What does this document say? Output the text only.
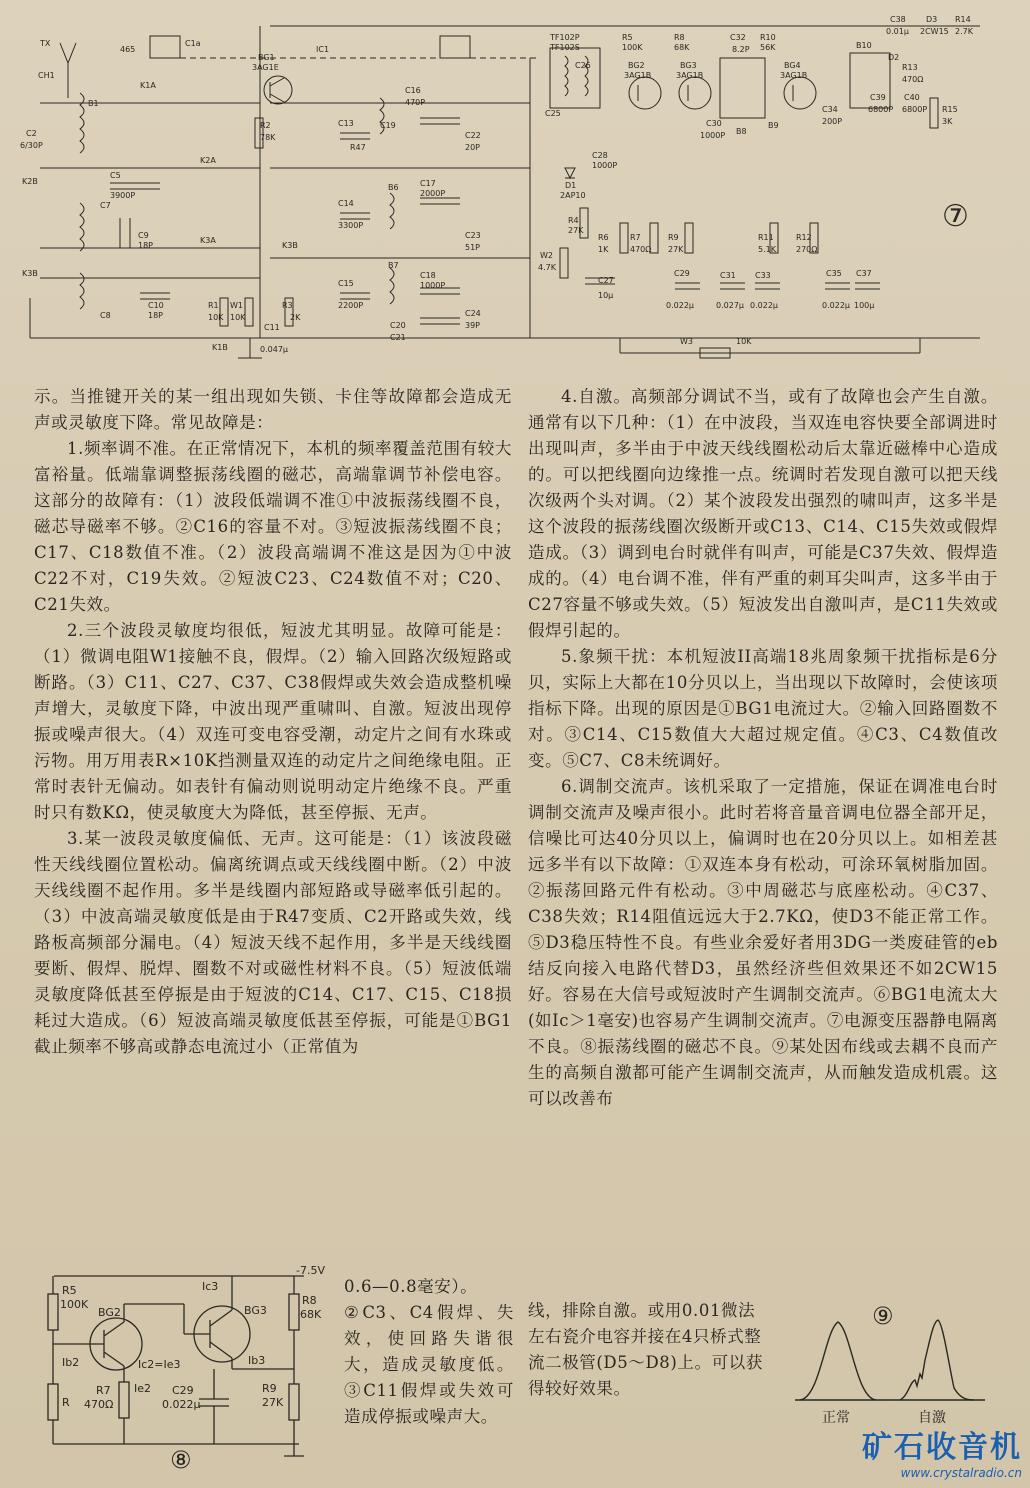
TX
CH1
B1
C2
6/30P
K2B
K3B
C5
3900P
C7
C8
C9
18P
C10
18P
K1A
K2A
K3A
R1
10K
W1
10K
K1B
C11
0.047μ
C1a
465
BG1
3AG1E
IC1
R2
78K
R47
C13
C14
3300P
C15
2200P
C16
470P
C17
2000P
C18
1000P
C19
C20
C21
C22
20P
C23
51P
C24
39P
B6
B7
R3
2K
K3B
TF102P
TF102S
C25
C26
C28
1000P
D1
2AP10
R4
27K
C27
10μ
W2
4.7K
R5
100K
BG2
3AG1B
R6
1K
R7
470Ω
R8
68K
BG3
3AG1B
R9
27K
C29
0.022μ
C30
1000P B8
C31
0.027μ
C33
0.022μ
R10
56K
C32
8.2P
B9
R11
5.1K
BG4
3AG1B
C34
200P
R12
270Ω
C35
0.022μ
C37
100μ
B10
D2
C38
0.01μ
D3
2CW15
R14
2.7K
R13
470Ω
C39
6800P
C40
6800P R15
3K
W3	10K
⑦

示。当推键开关的某一组出现如失锁、卡住等故障都会造成无声或灵敏度下降。常见故障是：

1.频率调不准。在正常情况下，本机的频率覆盖范围有较大富裕量。低端靠调整振荡线圈的磁芯，高端靠调节补偿电容。这部分的故障有：（1）波段低端调不准①中波振荡线圈不良，磁芯导磁率不够。②C16的容量不对。③短波振荡线圈不良；C17、C18数值不准。（2）波段高端调不准这是因为①中波C22不对，C19失效。②短波C23、C24数值不对；C20、C21失效。

2.三个波段灵敏度均很低，短波尤其明显。故障可能是：（1）微调电阻W1接触不良，假焊。（2）输入回路次级短路或断路。（3）C11、C27、C37、C38假焊或失效会造成整机噪声增大，灵敏度下降，中波出现严重啸叫、自激。短波出现停振或噪声很大。（4）双连可变电容受潮，动定片之间有水珠或污物。用万用表R×10K挡测量双连的动定片之间绝缘电阻。正常时表针无偏动。如表针有偏动则说明动定片绝缘不良。严重时只有数KΩ，使灵敏度大为降低，甚至停振、无声。

3.某一波段灵敏度偏低、无声。这可能是：（1）该波段磁性天线线圈位置松动。偏离统调点或天线线圈中断。（2）中波天线线圈不起作用。多半是线圈内部短路或导磁率低引起的。（3）中波高端灵敏度低是由于R47变质、C2开路或失效，线路板高频部分漏电。（4）短波天线不起作用，多半是天线线圈要断、假焊、脱焊、圈数不对或磁性材料不良。（5）短波低端灵敏度降低甚至停振是由于短波的C14、C17、C15、C18损耗过大造成。（6）短波高端灵敏度低甚至停振，可能是①BG1截止频率不够高或静态电流过小（正常值为

R5
100K
BG2
Ic3
BG3
-7.5V
R8
68K
Ib2	Ic2=Ie3	Ib3
R
R7
470Ω
Ie2 C29
0.022μ
R9
27K
⑧

0.6—0.8毫安）。

②C3、C4假焊、失效，使回路失谐很大，造成灵敏度低。③C11假焊或失效可造成停振或噪声大。

4.自激。高频部分调试不当，或有了故障也会产生自激。通常有以下几种：（1）在中波段，当双连电容快要全部调进时出现叫声，多半由于中波天线线圈松动后太靠近磁棒中心造成的。可以把线圈向边缘推一点。统调时若发现自激可以把天线次级两个头对调。（2）某个波段发出强烈的啸叫声，这多半是这个波段的振荡线圈次级断开或C13、C14、C15失效或假焊造成。（3）调到电台时就伴有叫声，可能是C37失效、假焊造成的。（4）电台调不准，伴有严重的刺耳尖叫声，这多半由于C27容量不够或失效。（5）短波发出自激叫声，是C11失效或假焊引起的。

5.象频干扰：本机短波II高端18兆周象频干扰指标是6分贝，实际上大都在10分贝以上，当出现以下故障时，会使该项指标下降。出现的原因是①BG1电流过大。②输入回路圈数不对。③C14、C15数值大大超过规定值。④C3、C4数值改变。⑤C7、C8未统调好。

6.调制交流声。该机采取了一定措施，保证在调准电台时调制交流声及噪声很小。此时若将音量音调电位器全部开足，信噪比可达40分贝以上，偏调时也在20分贝以上。如相差甚远多半有以下故障：①双连本身有松动，可涂环氧树脂加固。②振荡回路元件有松动。③中周磁芯与底座松动。④C37、C38失效；R14阻值远远大于2.7KΩ，使D3不能正常工作。⑤D3稳压特性不良。有些业余爱好者用3DG一类废硅管的eb结反向接入电路代替D3，虽然经济些但效果还不如2CW15好。容易在大信号或短波时产生调制交流声。⑥BG1电流太大(如Ic＞1毫安)也容易产生调制交流声。⑦电源变压器静电隔离不良。⑧振荡线圈的磁芯不良。⑨某处因布线或去耦不良而产生的高频自激都可能产生调制交流声，从而触发造成机震。这可以改善布

线，排除自激。或用0.01微法左右瓷介电容并接在4只桥式整流二极管(D5～D8)上。可以获得较好效果。

⑨
正常	自激
矿石收音机
www.crystalradio.cn
